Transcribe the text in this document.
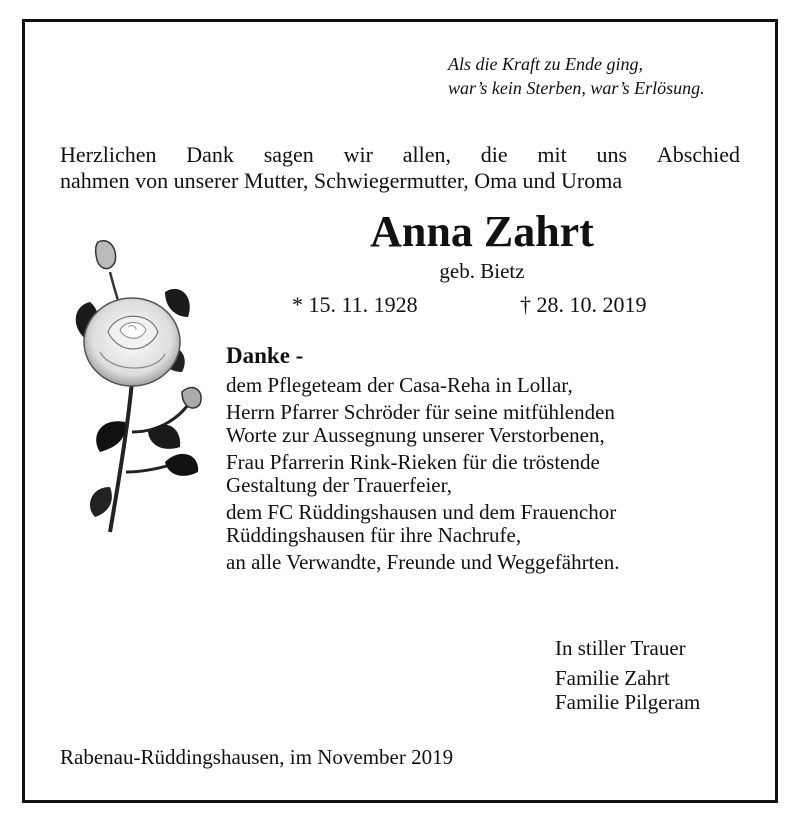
Als die Kraft zu Ende ging,
war’s kein Sterben, war’s Erlösung.
Herzlichen Dank sagen wir allen, die mit uns Abschied
nahmen von unserer Mutter, Schwiegermutter, Oma und Uroma
Anna Zahrt
geb. Bietz
* 15. 11. 1928	† 28. 10. 2019
Danke -
dem Pflegeteam der Casa-Reha in Lollar,
Herrn Pfarrer Schröder für seine mitfühlenden
Worte zur Aussegnung unserer Verstorbenen,
Frau Pfarrerin Rink-Rieken für die tröstende
Gestaltung der Trauerfeier,
dem FC Rüddingshausen und dem Frauenchor
Rüddingshausen für ihre Nachrufe,
an alle Verwandte, Freunde und Weggefährten.
In stiller Trauer
Familie Zahrt
Familie Pilgeram
Rabenau-Rüddingshausen, im November 2019
